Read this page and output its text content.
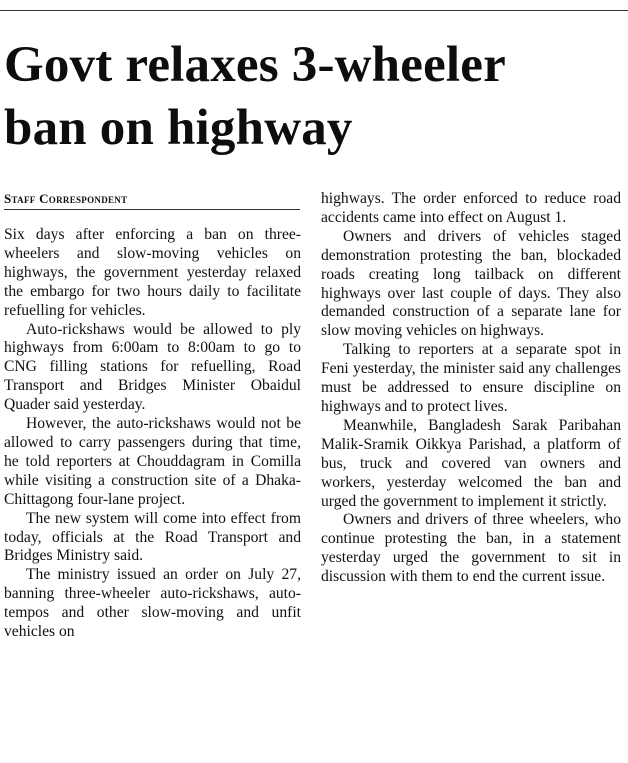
Govt relaxes 3-wheeler
ban on highway
Staff Correspondent

Six days after enforcing a ban on three-wheelers and slow-moving vehicles on highways, the government yesterday relaxed the embargo for two hours daily to facilitate refuelling for vehicles.

Auto-rickshaws would be allowed to ply highways from 6:00am to 8:00am to go to CNG filling stations for refuelling, Road Transport and Bridges Minister Obaidul Quader said yesterday.

However, the auto-rickshaws would not be allowed to carry passengers during that time, he told reporters at Chouddagram in Comilla while visiting a construction site of a Dhaka-Chittagong four-lane project.

The new system will come into effect from today, officials at the Road Transport and Bridges Ministry said.

The ministry issued an order on July 27, banning three-wheeler auto-rickshaws, auto-tempos and other slow-moving and unfit vehicles on

highways. The order enforced to reduce road accidents came into effect on August 1.

Owners and drivers of vehicles staged demonstration protesting the ban, blockaded roads creating long tailback on different highways over last couple of days. They also demanded construction of a separate lane for slow moving vehicles on highways.

Talking to reporters at a separate spot in Feni yesterday, the minister said any challenges must be addressed to ensure discipline on highways and to protect lives.

Meanwhile, Bangladesh Sarak Paribahan Malik-Sramik Oikkya Parishad, a platform of bus, truck and covered van owners and workers, yesterday welcomed the ban and urged the government to implement it strictly.

Owners and drivers of three wheelers, who continue protesting the ban, in a statement yesterday urged the government to sit in discussion with them to end the current issue.
